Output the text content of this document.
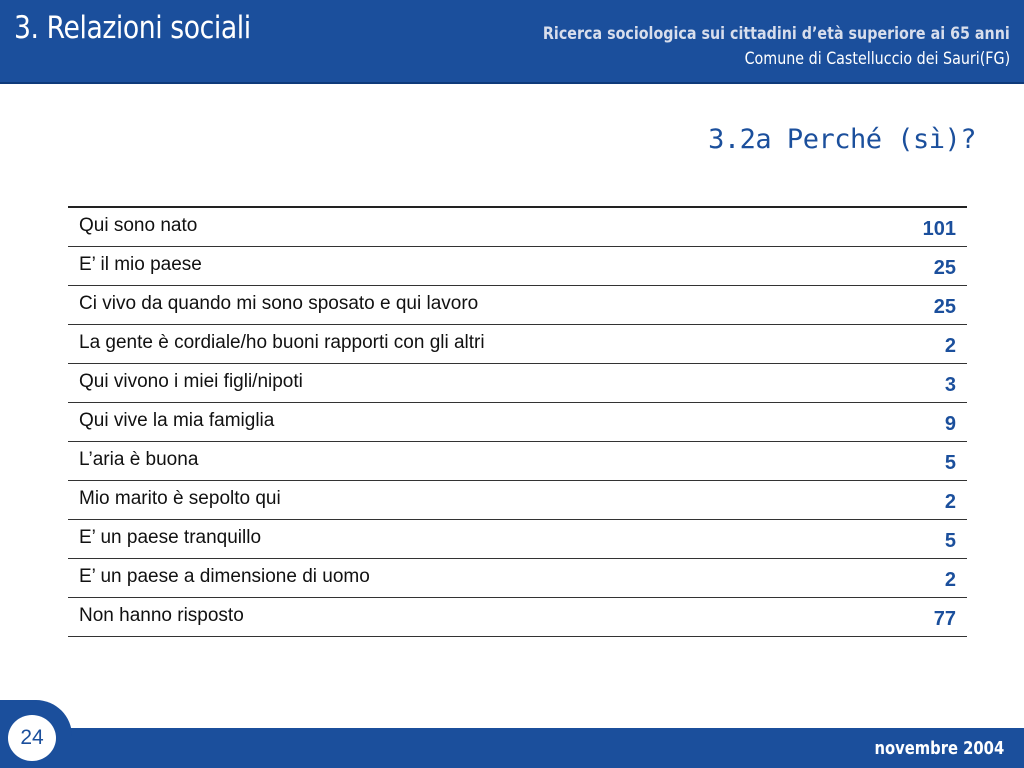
3. Relazioni sociali	Ricerca sociologica sui cittadini d’età superiore ai 65 anni
Comune di Castelluccio dei Sauri(FG)
3.2a Perché (sì)?
Qui sono nato	101
E’ il mio paese	25
Ci vivo da quando mi sono sposato e qui lavoro	25
La gente è cordiale/ho buoni rapporti con gli altri	2
Qui vivono i miei figli/nipoti	3
Qui vive la mia famiglia	9
L’aria è buona	5
Mio marito è sepolto qui	2
E’ un paese tranquillo	5
E’ un paese a dimensione di uomo	2
Non hanno risposto	77
novembre 2004
24
